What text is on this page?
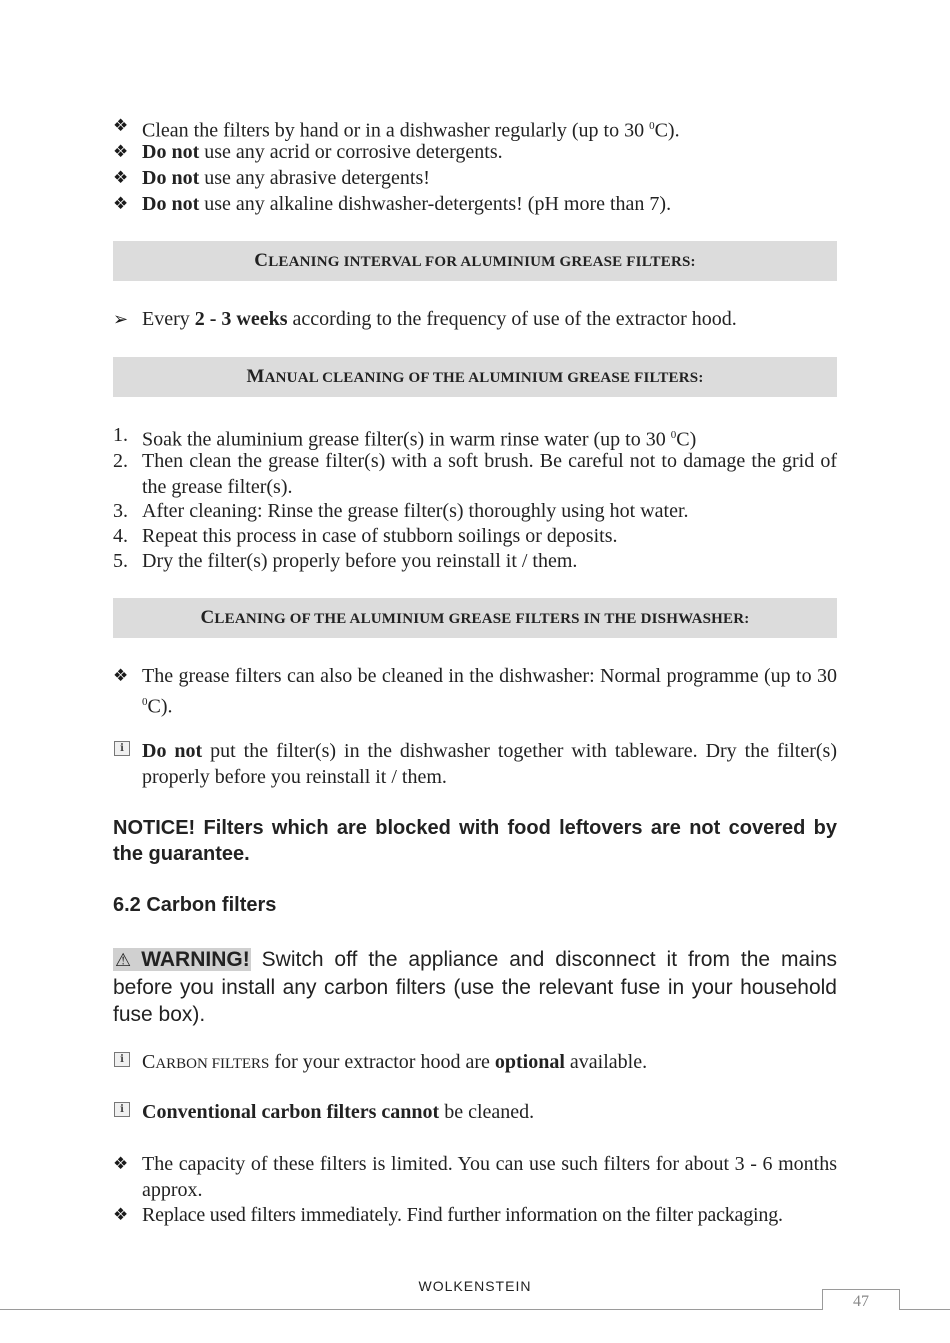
❖ Clean the filters by hand or in a dishwasher regularly (up to 30 $^0$C).
❖ Do not use any acrid or corrosive detergents.
❖ Do not use any abrasive detergents!
❖ Do not use any alkaline dishwasher-detergents! (pH more than 7).
CLEANING INTERVAL FOR ALUMINIUM GREASE FILTERS:
➢ Every 2 - 3 weeks according to the frequency of use of the extractor hood.
MANUAL CLEANING OF THE ALUMINIUM GREASE FILTERS:
1. Soak the aluminium grease filter(s) in warm rinse water (up to 30 $^0$C)
2. Then clean the grease filter(s) with a soft brush. Be careful not to damage the grid of the grease filter(s).
3. After cleaning: Rinse the grease filter(s) thoroughly using hot water.
4. Repeat this process in case of stubborn soilings or deposits.
5. Dry the filter(s) properly before you reinstall it / them.
CLEANING OF THE ALUMINIUM GREASE FILTERS IN THE DISHWASHER:
❖ The grease filters can also be cleaned in the dishwasher: Normal programme (up to 30 $^0$C).
i Do not put the filter(s) in the dishwasher together with tableware. Dry the filter(s) properly before you reinstall it / them.
NOTICE! Filters which are blocked with food leftovers are not covered by the guarantee.
6.2 Carbon filters
⚠ WARNING! Switch off the appliance and disconnect it from the mains before you install any carbon filters (use the relevant fuse in your household fuse box).
i CARBON FILTERS for your extractor hood are optional available.
i Conventional carbon filters cannot be cleaned.
❖ The capacity of these filters is limited. You can use such filters for about 3 - 6 months approx.
❖ Replace used filters immediately. Find further information on the filter packaging.
WOLKENSTEIN
47
